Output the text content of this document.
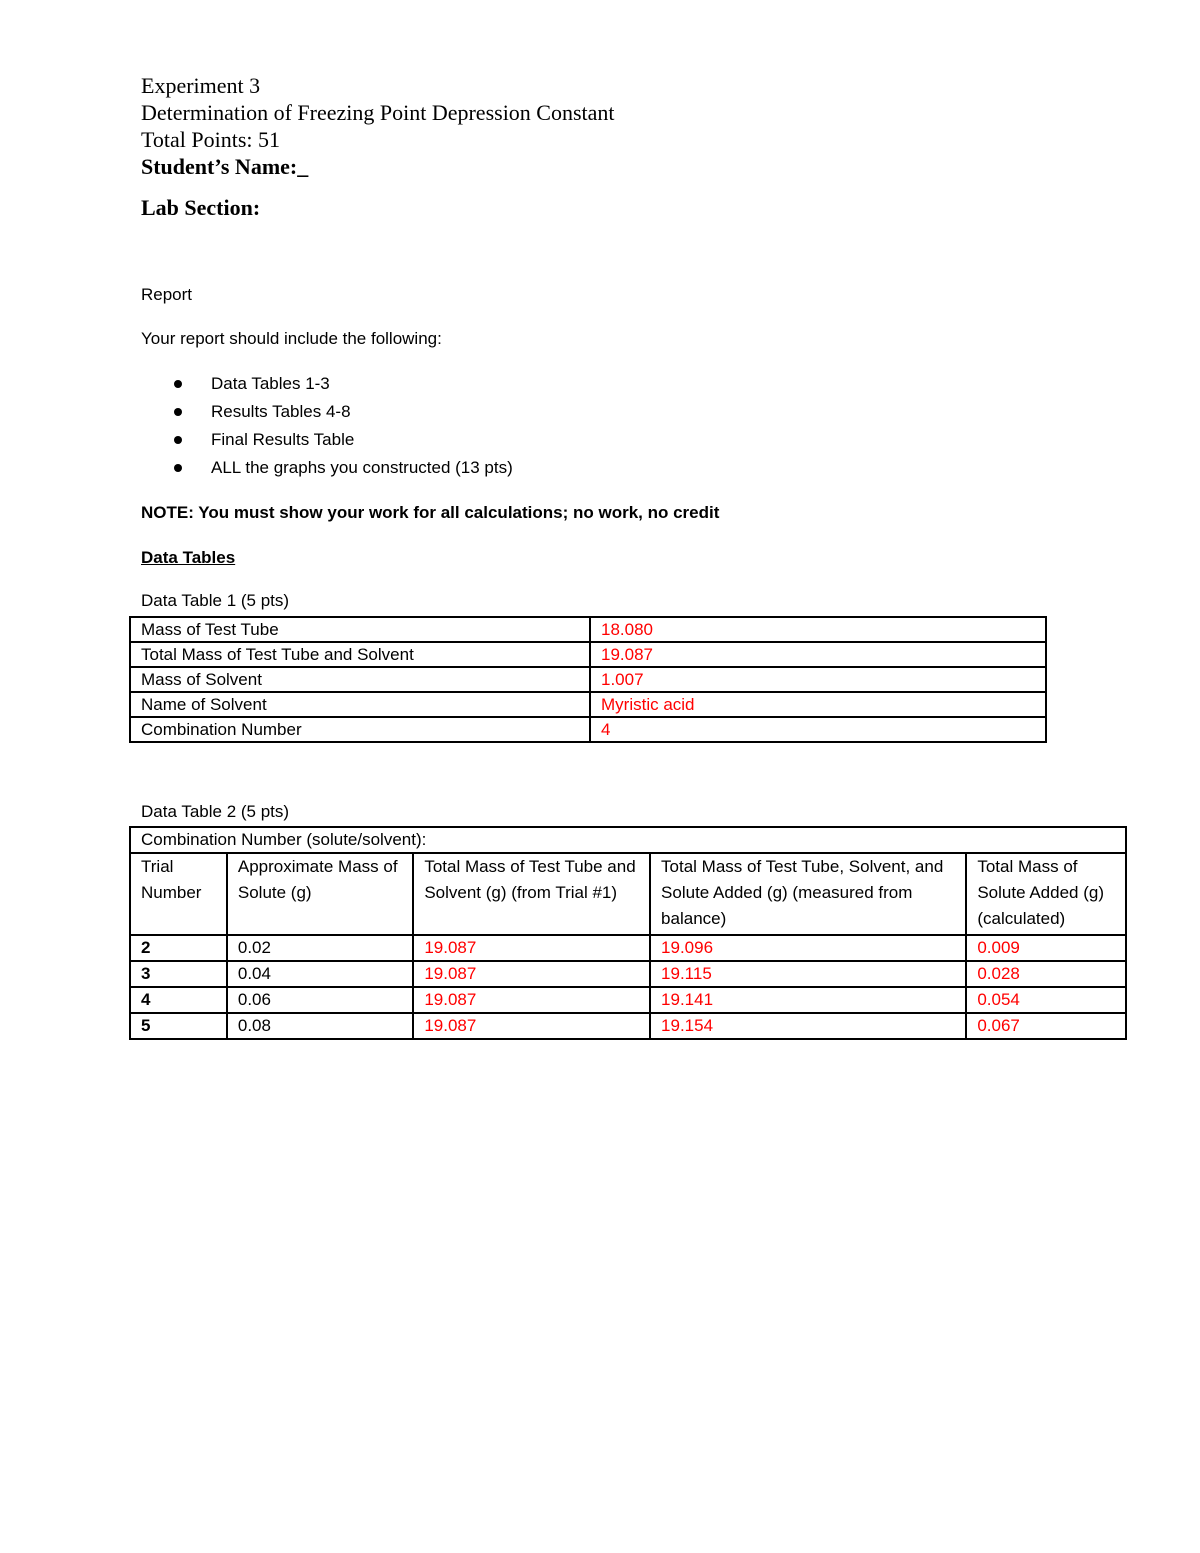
Experiment 3
Determination of Freezing Point Depression Constant
Total Points: 51
Student’s Name:_
Lab Section:
Report
Your report should include the following:
Data Tables 1-3
Results Tables 4-8
Final Results Table
ALL the graphs you constructed (13 pts)
NOTE: You must show your work for all calculations; no work, no credit
Data Tables
Data Table 1 (5 pts)
Mass of Test Tube	18.080
Total Mass of Test Tube and Solvent	19.087
Mass of Solvent	1.007
Name of Solvent	Myristic acid
Combination Number	4
Data Table 2 (5 pts)
Combination Number (solute/solvent):				
Trial Number	Approximate Mass of Solute (g)	Total Mass of Test Tube and Solvent (g) (from Trial #1)	Total Mass of Test Tube, Solvent, and Solute Added (g) (measured from balance)	Total Mass of Solute Added (g) (calculated)
2	0.02	19.087	19.096	0.009
3	0.04	19.087	19.115	0.028
4	0.06	19.087	19.141	0.054
5	0.08	19.087	19.154	0.067
